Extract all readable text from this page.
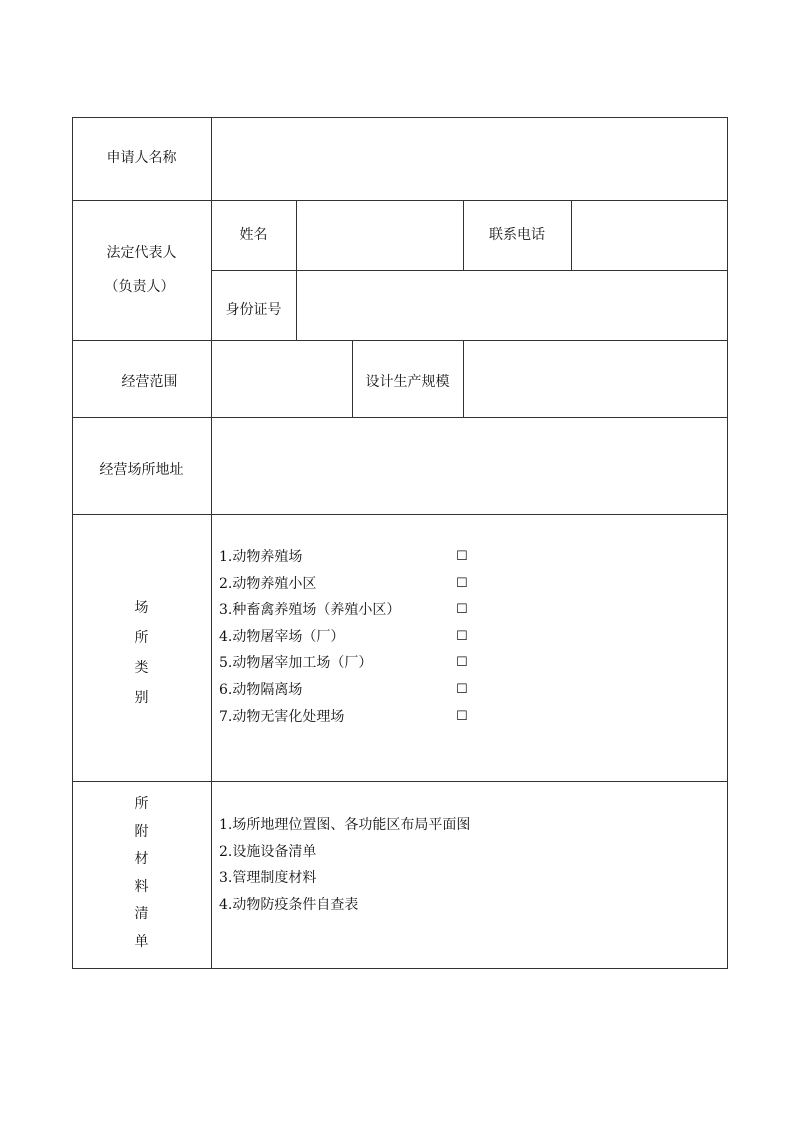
申请人名称
法定代表人
（负责人）
姓名	联系电话
身份证号
经营范围	设计生产规模
经营场所地址
场
所
类
别
1.动物养殖场	☐
2.动物养殖小区	☐
3.种畜禽养殖场（养殖小区）	☐
4.动物屠宰场（厂）	☐
5.动物屠宰加工场（厂）	☐
6.动物隔离场	☐
7.动物无害化处理场	☐
所
附
材
料
清
单
1.场所地理位置图、各功能区布局平面图
2.设施设备清单
3.管理制度材料
4.动物防疫条件自查表
